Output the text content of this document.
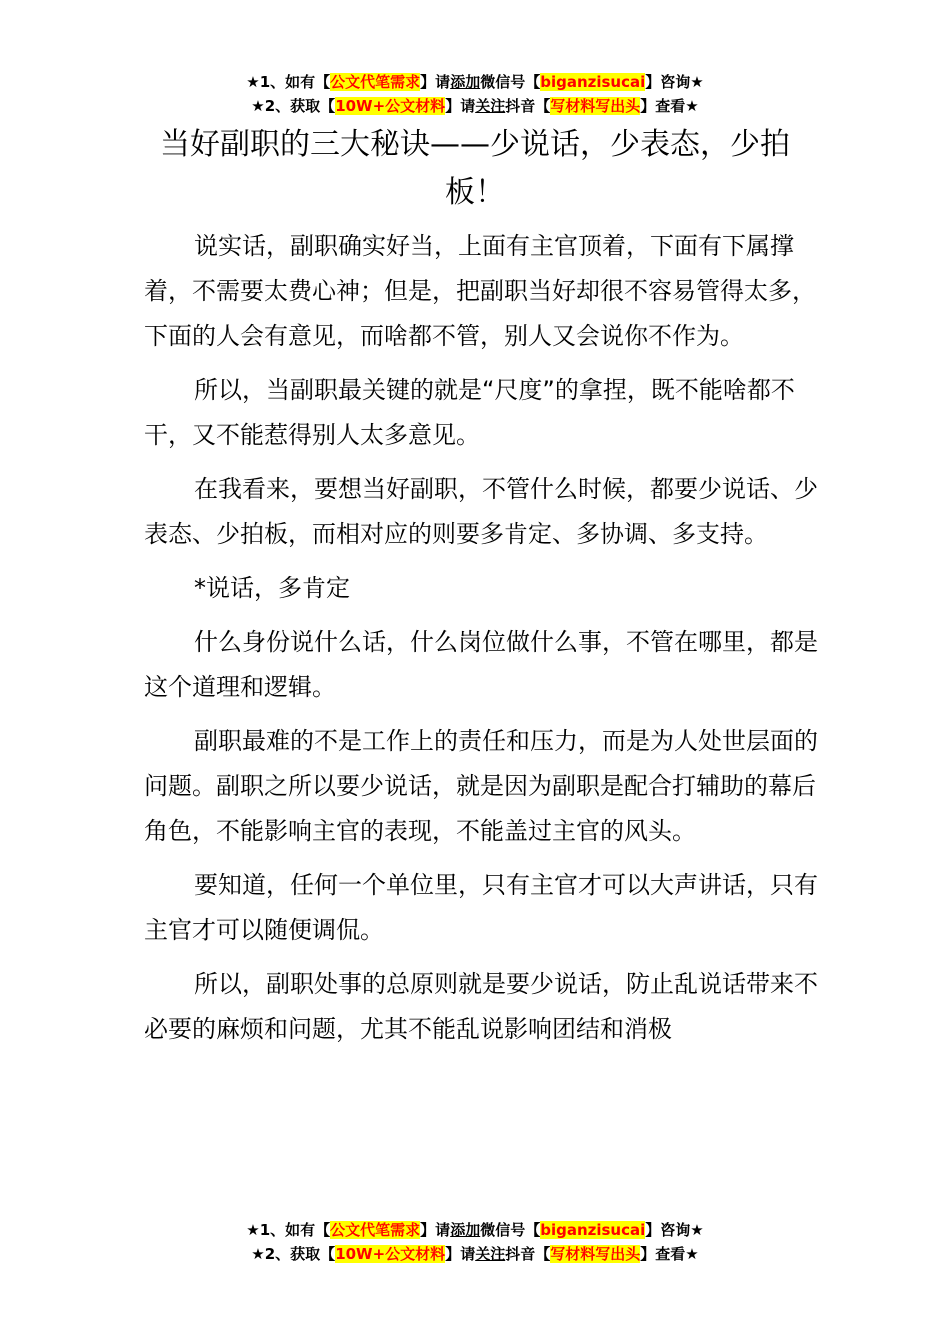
★1、如有【公文代笔需求】请添加微信号【biganzisucai】咨询★
★2、获取【10W+公文材料】请关注抖音【写材料写出头】查看★
当好副职的三大秘诀——少说话，少表态，少拍板！

说实话，副职确实好当，上面有主官顶着，下面有下属撑着，不需要太费心神；但是，把副职当好却很不容易管得太多，下面的人会有意见，而啥都不管，别人又会说你不作为。

所以，当副职最关键的就是“尺度”的拿捏，既不能啥都不干，又不能惹得别人太多意见。

在我看来，要想当好副职，不管什么时候，都要少说话、少表态、少拍板，而相对应的则要多肯定、多协调、多支持。

*说话，多肯定

什么身份说什么话，什么岗位做什么事，不管在哪里，都是这个道理和逻辑。

副职最难的不是工作上的责任和压力，而是为人处世层面的问题。副职之所以要少说话，就是因为副职是配合打辅助的幕后角色，不能影响主官的表现，不能盖过主官的风头。

要知道，任何一个单位里，只有主官才可以大声讲话，只有主官才可以随便调侃。

所以，副职处事的总原则就是要少说话，防止乱说话带来不必要的麻烦和问题，尤其不能乱说影响团结和消极

★1、如有【公文代笔需求】请添加微信号【biganzisucai】咨询★
★2、获取【10W+公文材料】请关注抖音【写材料写出头】查看★
